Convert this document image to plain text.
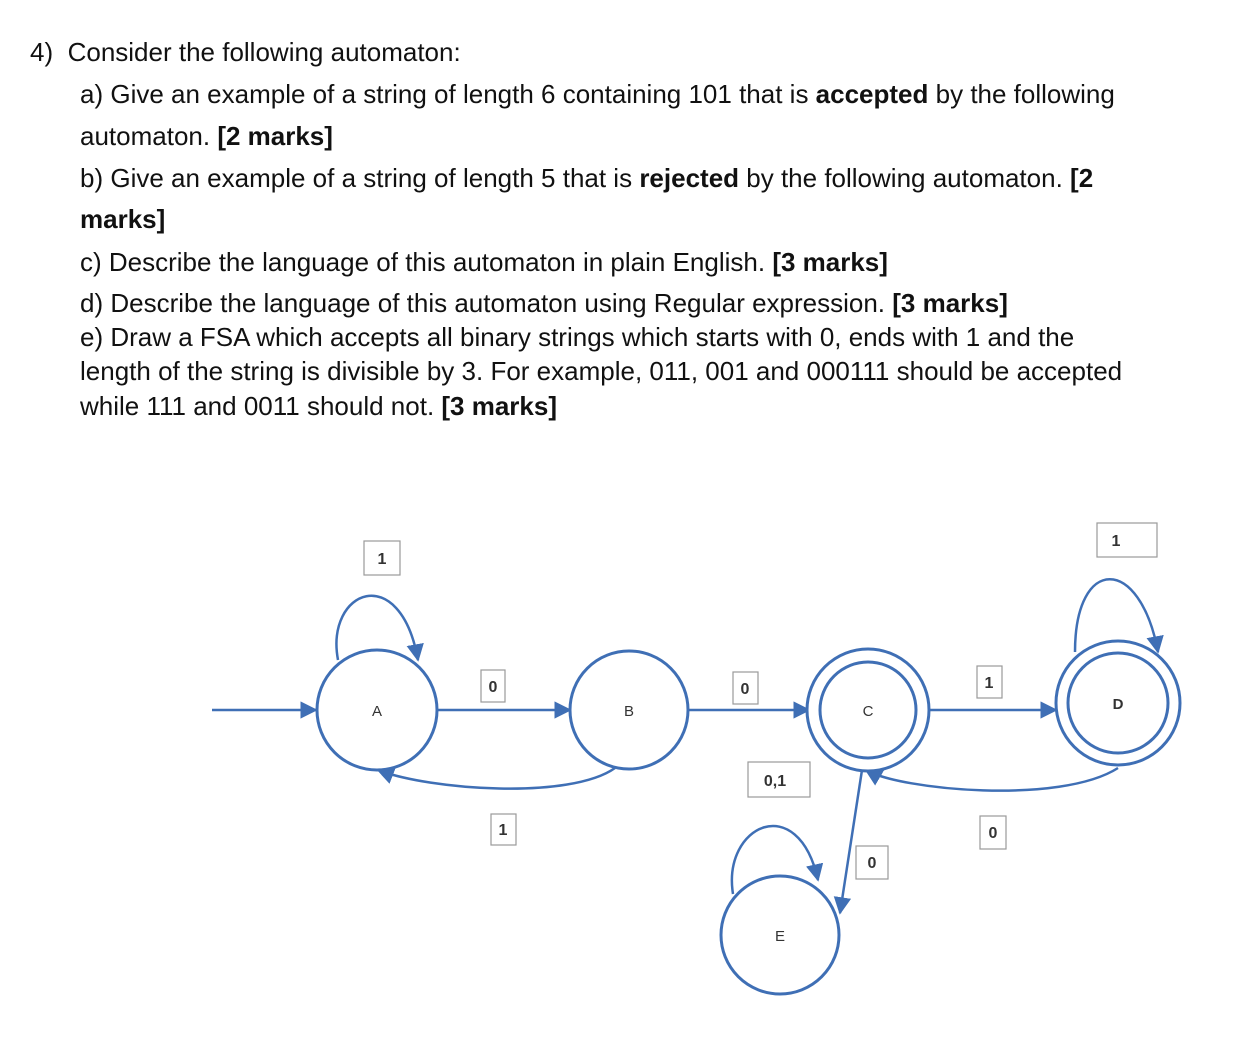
4) Consider the following automaton:

a) Give an example of a string of length 6 containing 101 that is accepted by the following

automaton. [2 marks]

b) Give an example of a string of length 5 that is rejected by the following automaton. [2

marks]

c) Describe the language of this automaton in plain English. [3 marks]

d) Describe the language of this automaton using Regular expression. [3 marks]

e) Draw a FSA which accepts all binary strings which starts with 0, ends with 1 and the

length of the string is divisible by 3. For example, 011, 001 and 000111 should be accepted

while 111 and 0011 should not. [3 marks]

A	B	C	D
E
1
0
1
0	1
1
0
0
0,1
